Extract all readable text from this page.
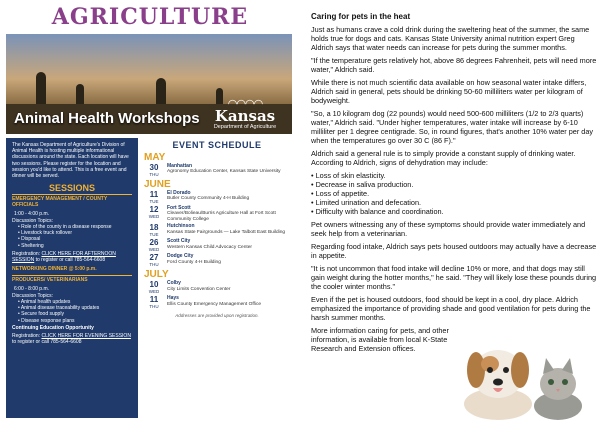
AGRICULTURE
Animal Health Workshops
◠◠◠◠
Kansas
Department of Agriculture
The Kansas Department of Agriculture's Division of Animal Health is hosting multiple informational discussions around the state. Each location will have two sessions. Please register for the location and session you'd like to attend. This is a free event and dinner will be served.
SESSIONS
EMERGENCY MANAGEMENT / COUNTY OFFICIALS
1:00 - 4:00 p.m.
Discussion Topics:
• Role of the county in a disease response
• Livestock truck rollover
• Disposal
• Sheltering
Registration: CLICK HERE FOR AFTERNOON SESSION to register or call 785-564-6608
NETWORKING DINNER @ 5:00 p.m.
PRODUCERS/ VETERINARIANS
6:00 - 8:00 p.m.
Discussion Topics:
• Animal health updates
• Animal disease traceability updates
• Secure food supply
• Disease response plans
Continuing Education Opportunity
Registration: CLICK HERE FOR EVENING SESSION to register or call 785-564-6608
EVENT SCHEDULE
MAY
30
THU
Manhattan
Agronomy Education Center, Kansas State University
JUNE
11
TUE
El Dorado
Butler County Community 4-H Building
12
WED
Fort Scott
Cleaver/Bolieau/Burris Agriculture Hall at Fort Scott Community College
18
TUE
Hutchinson
Kansas State Fairgrounds — Lake Talbott East Building
26
WED
Scott City
Western Kansas Child Advocacy Center
27
THU
Dodge City
Ford County 4-H Building
JULY
10
WED
Colby
City Limits Convention Center
11
THU
Hays
Ellis County Emergency Management Office
Addresses are provided upon registration.
Caring for pets in the heat

Just as humans crave a cold drink during the sweltering heat of the summer, the same holds true for dogs and cats. Kansas State University animal nutrition expert Greg Aldrich says that water needs can increase for pets during the summer months.

"If the temperature gets relatively hot, above 86 degrees Fahrenheit, pets will need more water," Aldrich said.

While there is not much scientific data available on how seasonal water intake differs, Aldrich said in general, pets should be drinking 50-60 milliliters water per kilogram of bodyweight.

"So, a 10 kilogram dog (22 pounds) would need 500-600 milliliters (1/2 to 2/3 quarts) water," Aldrich said. "Under higher temperatures, water intake will increase by 6-10 milliliter per 1 degree centigrade. So, in round figures, that's another 10% water per day when the temperatures go over 30 C (86 F)."

Aldrich said a general rule is to simply provide a constant supply of drinking water. According to Aldrich, signs of dehydration may include:

• Loss of skin elasticity.
• Decrease in saliva production.
• Loss of appetite.
• Limited urination and defecation.
• Difficulty with balance and coordination.

Pet owners witnessing any of these symptoms should provide water immediately and seek help from a veterinarian.

Regarding food intake, Aldrich says pets housed outdoors may actually have a decrease in appetite.

"It is not uncommon that food intake will decline 10% or more, and that dogs may still gain weight during the hotter months," he said. "They will likely lose these pounds during the cooler winter months."

Even if the pet is housed outdoors, food should be kept in a cool, dry place. Aldrich emphasized the importance of providing shade and good ventilation for pets during the harsh summer months.

More information caring for pets, and other information, is available from local K-State Research and Extension offices.
